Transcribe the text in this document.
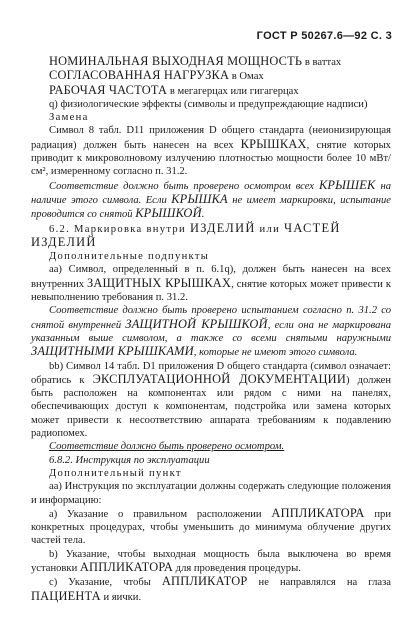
ГОСТ Р 50267.6—92 С. 3

НОМИНАЛЬНАЯ ВЫХОДНАЯ МОЩНОСТЬ в ваттах

СОГЛАСОВАННАЯ НАГРУЗКА в Омах

РАБОЧАЯ ЧАСТОТА в мегагерцах или гигагерцах

q) физиологические эффекты (символы и предупреждающие надписи)

Замена

Символ 8 табл. D11 приложения D общего стандарта (неионизирующая радиация) должен быть нанесен на всех КРЫШКАХ, снятие которых приводит к микроволновому излучению плотностью мощности более 10 мВт/см², измеренному согласно п. 31.2.

Соответствие должно быть проверено осмотром всех КРЫШЕК на наличие этого символа. Если КРЫШКА не имеет маркировки, испытание проводится со снятой КРЫШКОЙ.

6.2. Маркировка внутри ИЗДЕЛИЙ или ЧАСТЕЙ ИЗДЕЛИЙ

Дополнительные подпункты

аа) Символ, определенный в п. 6.1q), должен быть нанесен на всех внутренних ЗАЩИТНЫХ КРЫШКАХ, снятие которых может привести к невыполнению требования п. 31.2.

Соответствие должно быть проверено испытанием согласно п. 31.2 со снятой внутренней ЗАЩИТНОЙ КРЫШКОЙ, если она не маркирована указанным выше символом, а также со всеми снятыми наружными ЗАЩИТНЫМИ КРЫШКАМИ, которые не имеют этого символа.

bb) Символ 14 табл. D1 приложения D общего стандарта (символ означает: обратись к ЭКСПЛУАТАЦИОННОЙ ДОКУМЕНТАЦИИ) должен быть расположен на компонентах или рядом с ними на панелях, обеспечивающих доступ к компонентам, подстройка или замена которых может привести к несоответствию аппарата требованиям к подавлению радиопомех.

Соответствие должно быть проверено осмотром.

6.8.2. Инструкция по эксплуатации

Дополнительный пункт

аа) Инструкция по эксплуатации должны содержать следующие положения и информацию:

a) Указание о правильном расположении АППЛИКАТОРА при конкретных процедурах, чтобы уменьшить до минимума облучение других частей тела.

b) Указание, чтобы выходная мощность была выключена во время установки АППЛИКАТОРА для проведения процедуры.

c) Указание, чтобы АППЛИКАТОР не направлялся на глаза ПАЦИЕНТА и яички.
